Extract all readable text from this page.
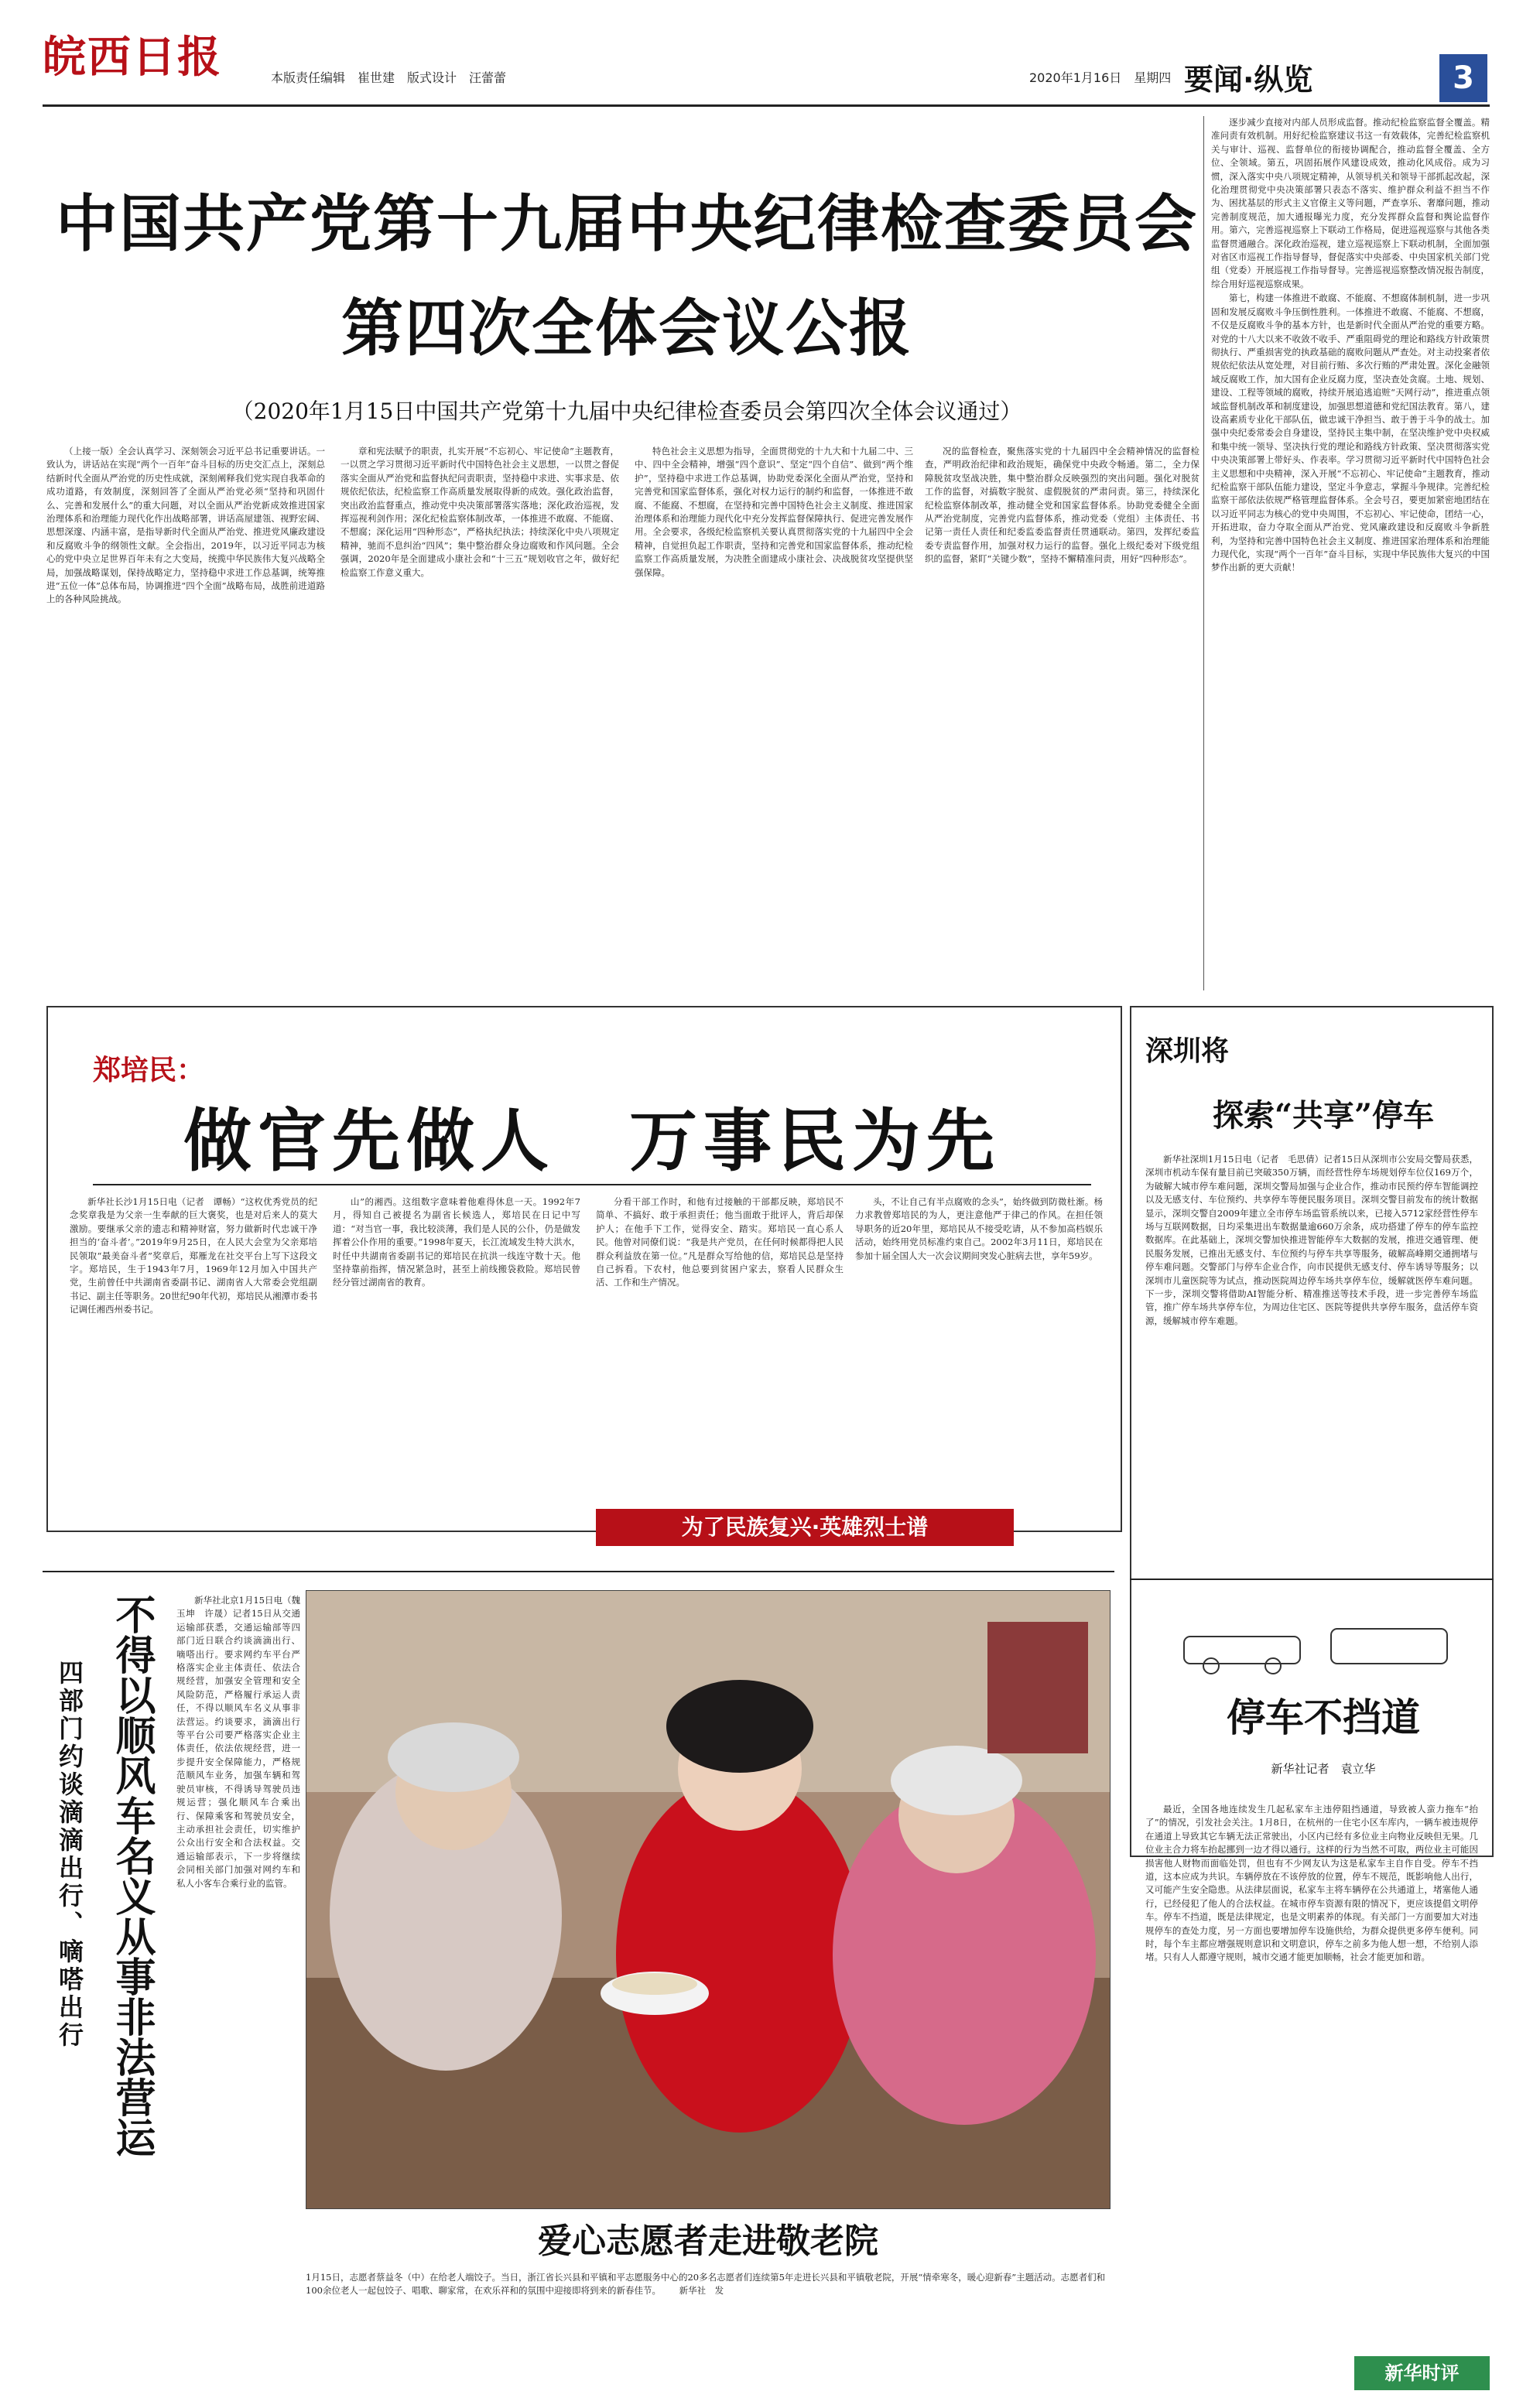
皖西日报	本版责任编辑　崔世建　版式设计　汪蕾蕾	2020年1月16日　星期四 要闻·纵览	3
中国共产党第十九届中央纪律检查委员会
第四次全体会议公报
（2020年1月15日中国共产党第十九届中央纪律检查委员会第四次全体会议通过）

逐步减少直接对内部人员形成监督。推动纪检监察监督全覆盖。精准问责有效机制。用好纪检监察建议书这一有效载体，完善纪检监察机关与审计、巡视、监督单位的衔接协调配合，推动监督全覆盖、全方位、全领域。第五，巩固拓展作风建设成效，推动化风成俗。成为习惯，深入落实中央八项规定精神，从领导机关和领导干部抓起改起，深化治理贯彻党中央决策部署只表态不落实、维护群众利益不担当不作为、困扰基层的形式主义官僚主义等问题，严查享乐、奢靡问题，推动完善制度规范，加大通报曝光力度，充分发挥群众监督和舆论监督作用。第六，完善巡视巡察上下联动工作格局，促进巡视巡察与其他各类监督贯通融合。深化政治巡视，建立巡视巡察上下联动机制，全面加强对省区市巡视工作指导督导，督促落实中央部委、中央国家机关部门党组（党委）开展巡视工作指导督导。完善巡视巡察整改情况报告制度，综合用好巡视巡察成果。

第七，构建一体推进不敢腐、不能腐、不想腐体制机制，进一步巩固和发展反腐败斗争压倒性胜利。一体推进不敢腐、不能腐、不想腐，不仅是反腐败斗争的基本方针，也是新时代全面从严治党的重要方略。对党的十八大以来不收敛不收手、严重阻碍党的理论和路线方针政策贯彻执行、严重损害党的执政基础的腐败问题从严查处。对主动投案者依规依纪依法从宽处理，对目前行贿、多次行贿的严肃处置。深化金融领域反腐败工作，加大国有企业反腐力度，坚决查处贪腐。土地、规划、建设、工程等领域的腐败，持续开展追逃追赃“天网行动”，推进重点领域监督机制改革和制度建设，加强思想道德和党纪国法教育。第八，建设高素质专业化干部队伍，做忠诚干净担当、敢于善于斗争的战士。加强中央纪委常委会自身建设，坚持民主集中制，在坚决维护党中央权威和集中统一领导、坚决执行党的理论和路线方针政策、坚决贯彻落实党中央决策部署上带好头、作表率。学习贯彻习近平新时代中国特色社会主义思想和中央精神，深入开展“不忘初心、牢记使命”主题教育，推动纪检监察干部队伍能力建设，坚定斗争意志，掌握斗争规律。完善纪检监察干部依法依规严格管理监督体系。全会号召，要更加紧密地团结在以习近平同志为核心的党中央周围，不忘初心、牢记使命，团结一心，开拓进取，奋力夺取全面从严治党、党风廉政建设和反腐败斗争新胜利，为坚持和完善中国特色社会主义制度、推进国家治理体系和治理能力现代化，实现“两个一百年”奋斗目标，实现中华民族伟大复兴的中国梦作出新的更大贡献！

（上接一版）全会认真学习、深刻领会习近平总书记重要讲话。一致认为，讲话站在实现“两个一百年”奋斗目标的历史交汇点上，深刻总结新时代全面从严治党的历史性成就，深刻阐释我们党实现自我革命的成功道路，有效制度，深刻回答了全面从严治党必须“坚持和巩固什么、完善和发展什么”的重大问题，对以全面从严治党新成效推进国家治理体系和治理能力现代化作出战略部署，讲话高屋建瓴、视野宏阔、思想深邃、内涵丰富，是指导新时代全面从严治党、推进党风廉政建设和反腐败斗争的纲领性文献。全会指出，2019年，以习近平同志为核心的党中央立足世界百年未有之大变局，统揽中华民族伟大复兴战略全局，加强战略谋划，保持战略定力，坚持稳中求进工作总基调，统筹推进“五位一体”总体布局，协调推进“四个全面”战略布局，战胜前进道路上的各种风险挑战。

章和宪法赋予的职责，扎实开展“不忘初心、牢记使命”主题教育，一以贯之学习贯彻习近平新时代中国特色社会主义思想，一以贯之督促落实全面从严治党和监督执纪问责职责，坚持稳中求进、实事求是、依规依纪依法，纪检监察工作高质量发展取得新的成效。强化政治监督，突出政治监督重点，推动党中央决策部署落实落地；深化政治巡视，发挥巡视利剑作用；深化纪检监察体制改革，一体推进不敢腐、不能腐、不想腐；深化运用“四种形态”，严格执纪执法；持续深化中央八项规定精神，驰而不息纠治“四风”；集中整治群众身边腐败和作风问题。全会强调，2020年是全面建成小康社会和“十三五”规划收官之年，做好纪检监察工作意义重大。

特色社会主义思想为指导，全面贯彻党的十九大和十九届二中、三中、四中全会精神，增强“四个意识”、坚定“四个自信”、做到“两个维护”，坚持稳中求进工作总基调，协助党委深化全面从严治党，坚持和完善党和国家监督体系，强化对权力运行的制约和监督，一体推进不敢腐、不能腐、不想腐，在坚持和完善中国特色社会主义制度、推进国家治理体系和治理能力现代化中充分发挥监督保障执行、促进完善发展作用。全会要求，各级纪检监察机关要认真贯彻落实党的十九届四中全会精神，自觉担负起工作职责，坚持和完善党和国家监督体系，推动纪检监察工作高质量发展，为决胜全面建成小康社会、决战脱贫攻坚提供坚强保障。

况的监督检查，聚焦落实党的十九届四中全会精神情况的监督检查，严明政治纪律和政治规矩，确保党中央政令畅通。第二，全力保障脱贫攻坚战决胜，集中整治群众反映强烈的突出问题。强化对脱贫工作的监督，对搞数字脱贫、虚假脱贫的严肃问责。第三，持续深化纪检监察体制改革，推动健全党和国家监督体系。协助党委健全全面从严治党制度，完善党内监督体系，推动党委（党组）主体责任、书记第一责任人责任和纪委监委监督责任贯通联动。第四，发挥纪委监委专责监督作用，加强对权力运行的监督。强化上级纪委对下级党组织的监督，紧盯“关键少数”，坚持不懈精准问责，用好“四种形态”。

郑培民：
做官先做人　万事民为先

新华社长沙1月15日电（记者　谭畅）“这枚优秀党员的纪念奖章我是为父亲一生奉献的巨大褒奖，也是对后来人的莫大激励。要继承父亲的遗志和精神财富，努力做新时代忠诚干净担当的‘奋斗者’。”2019年9月25日，在人民大会堂为父亲郑培民领取“最美奋斗者”奖章后，郑雁龙在社交平台上写下这段文字。郑培民，生于1943年7月，1969年12月加入中国共产党，生前曾任中共湖南省委副书记、湖南省人大常委会党组副书记、副主任等职务。20世纪90年代初，郑培民从湘潭市委书记调任湘西州委书记。

山”的湘西。这组数字意味着他难得休息一天。1992年7月，得知自己被提名为副省长候选人，郑培民在日记中写道：“对当官一事，我比较淡薄，我们是人民的公仆，仍是做发挥着公仆作用的重要。”1998年夏天，长江流域发生特大洪水，时任中共湖南省委副书记的郑培民在抗洪一线连守数十天。他坚持靠前指挥，情况紧急时，甚至上前线搬袋救险。郑培民曾经分管过湖南省的教育。

分看干部工作时，和他有过接触的干部都反映，郑培民不简单、不搞好、敢于承担责任；他当面敢于批评人，背后却保护人；在他手下工作，觉得安全、踏实。郑培民一直心系人民。他曾对同僚们说：“我是共产党员，在任何时候都得把人民群众利益放在第一位。”凡是群众写给他的信，郑培民总是坚持自己拆看。下农村，他总要到贫困户家去，察看人民群众生活、工作和生产情况。

头，不让自己有半点腐败的念头”，始终做到防微杜渐。杨力求教曾郑培民的为人，更注意他严于律己的作风。在担任领导职务的近20年里，郑培民从不接受吃请，从不参加高档娱乐活动，始终用党员标准约束自己。2002年3月11日，郑培民在参加十届全国人大一次会议期间突发心脏病去世，享年59岁。

为了民族复兴·英雄烈士谱
深圳将
探索“共享”停车

新华社深圳1月15日电（记者　毛思倩）记者15日从深圳市公安局交警局获悉，深圳市机动车保有量目前已突破350万辆，而经营性停车场规划停车位仅169万个，为破解大城市停车难问题，深圳交警局加强与企业合作，推动市民预约停车智能调控以及无感支付、车位预约、共享停车等便民服务项目。深圳交警目前发布的统计数据显示，深圳交警自2009年建立全市停车场监管系统以来，已接入5712家经营性停车场与互联网数据，日均采集进出车数据量逾660万余条，成功搭建了停车的停车监控数据库。在此基础上，深圳交警加快推进智能停车大数据的发展，推进交通管理、便民服务发展，已推出无感支付、车位预约与停车共享等服务，破解高峰期交通拥堵与停车难问题。交警部门与停车企业合作，向市民提供无感支付、停车诱导等服务；以深圳市儿童医院等为试点，推动医院周边停车场共享停车位，缓解就医停车难问题。下一步，深圳交警将借助AI智能分析、精准推送等技术手段，进一步完善停车场监管，推广停车场共享停车位，为周边住宅区、医院等提供共享停车服务，盘活停车资源，缓解城市停车难题。

四部门约谈滴滴出行、嘀嗒出行 不得以顺风车名义从事非法营运	新华社北京1月15日电（魏玉坤　许晟）记者15日从交通运输部获悉，交通运输部等四部门近日联合约谈滴滴出行、嘀嗒出行。要求网约车平台严格落实企业主体责任、依法合规经营，加强安全管理和安全风险防范，严格履行承运人责任，不得以顺风车名义从事非法营运。约谈要求，滴滴出行等平台公司要严格落实企业主体责任，依法依规经营，进一步提升安全保障能力，严格规范顺风车业务，加强车辆和驾驶员审核，不得诱导驾驶员违规运营；强化顺风车合乘出行、保障乘客和驾驶员安全，主动承担社会责任，切实维护公众出行安全和合法权益。交通运输部表示，下一步将继续会同相关部门加强对网约车和私人小客车合乘行业的监管。

爱心志愿者走进敬老院
1月15日，志愿者蔡益冬（中）在给老人端饺子。当日，浙江省长兴县和平镇和平志愿服务中心的20多名志愿者们连续第5年走进长兴县和平镇敬老院，开展“情牵寒冬，暖心迎新春”主题活动。志愿者们和100余位老人一起包饺子、唱歌、聊家常，在欢乐祥和的氛围中迎接即将到来的新春佳节。 新华社　发
停车不挡道
新华社记者　袁立华

最近，全国各地连续发生几起私家车主违停阻挡通道，导致被人蛮力拖车“抬了”的情况，引发社会关注。1月8日，在杭州的一住宅小区车库内，一辆车被违规停在通道上导致其它车辆无法正常驶出，小区内已经有多位业主向物业反映但无果。几位业主合力将车抬起挪到一边才得以通行。这样的行为当然不可取，两位业主可能因损害他人财物而面临处罚，但也有不少网友认为这是私家车主自作自受。停车不挡道，这本应成为共识。车辆停放在不该停放的位置，停车不规范，既影响他人出行，又可能产生安全隐患。从法律层面说，私家车主将车辆停在公共通道上，堵塞他人通行，已经侵犯了他人的合法权益。在城市停车资源有限的情况下，更应该提倡文明停车。停车不挡道，既是法律规定，也是文明素养的体现。有关部门一方面要加大对违规停车的查处力度，另一方面也要增加停车设施供给，为群众提供更多停车便利。同时，每个车主都应增强规则意识和文明意识，停车之前多为他人想一想，不给别人添堵。只有人人都遵守规则，城市交通才能更加顺畅，社会才能更加和谐。

新华时评
